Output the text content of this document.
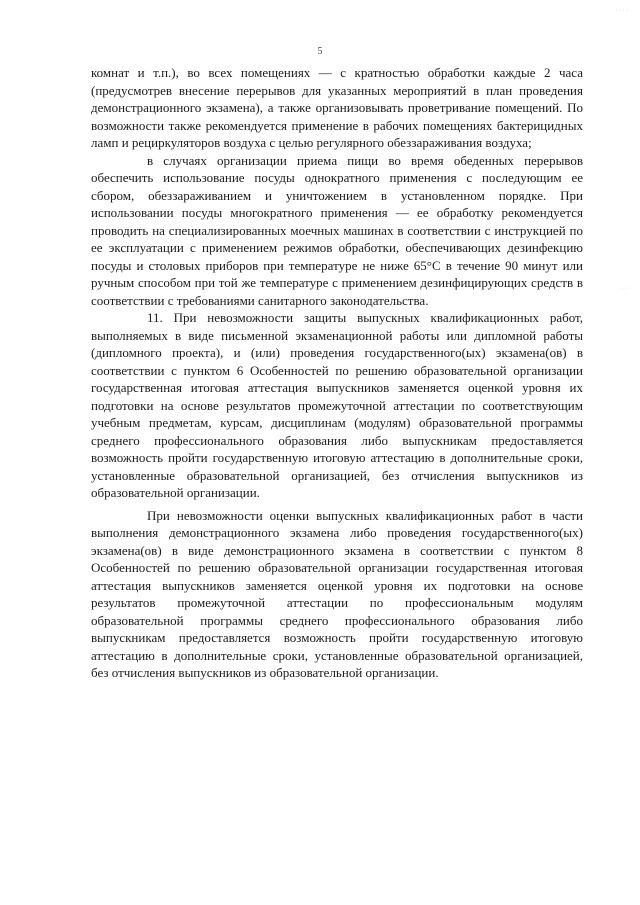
· · · ·
· · ·
5

комнат и т.п.), во всех помещениях — с кратностью обработки каждые 2 часа (предусмотрев внесение перерывов для указанных мероприятий в план проведения демонстрационного экзамена), а также организовывать проветривание помещений. По возможности также рекомендуется применение в рабочих помещениях бактерицидных ламп и рециркуляторов воздуха с целью регулярного обеззараживания воздуха;

в случаях организации приема пищи во время обеденных перерывов обеспечить использование посуды однократного применения с последующим ее сбором, обеззараживанием и уничтожением в установленном порядке. При использовании посуды многократного применения — ее обработку рекомендуется проводить на специализированных моечных машинах в соответствии с инструкцией по ее эксплуатации с применением режимов обработки, обеспечивающих дезинфекцию посуды и столовых приборов при температуре не ниже 65°С в течение 90 минут или ручным способом при той же температуре с применением дезинфицирующих средств в соответствии с требованиями санитарного законодательства.

11. При невозможности защиты выпускных квалификационных работ, выполняемых в виде письменной экзаменационной работы или дипломной работы (дипломного проекта), и (или) проведения государственного(ых) экзамена(ов) в соответствии с пунктом 6 Особенностей по решению образовательной организации государственная итоговая аттестация выпускников заменяется оценкой уровня их подготовки на основе результатов промежуточной аттестации по соответствующим учебным предметам, курсам, дисциплинам (модулям) образовательной программы среднего профессионального образования либо выпускникам предоставляется возможность пройти государственную итоговую аттестацию в дополнительные сроки, установленные образовательной организацией, без отчисления выпускников из образовательной организации.

При невозможности оценки выпускных квалификационных работ в части выполнения демонстрационного экзамена либо проведения государственного(ых) экзамена(ов) в виде демонстрационного экзамена в соответствии с пунктом 8 Особенностей по решению образовательной организации государственная итоговая аттестация выпускников заменяется оценкой уровня их подготовки на основе результатов промежуточной аттестации по профессиональным модулям образовательной программы среднего профессионального образования либо выпускникам предоставляется возможность пройти государственную итоговую аттестацию в дополнительные сроки, установленные образовательной организацией, без отчисления выпускников из образовательной организации.
